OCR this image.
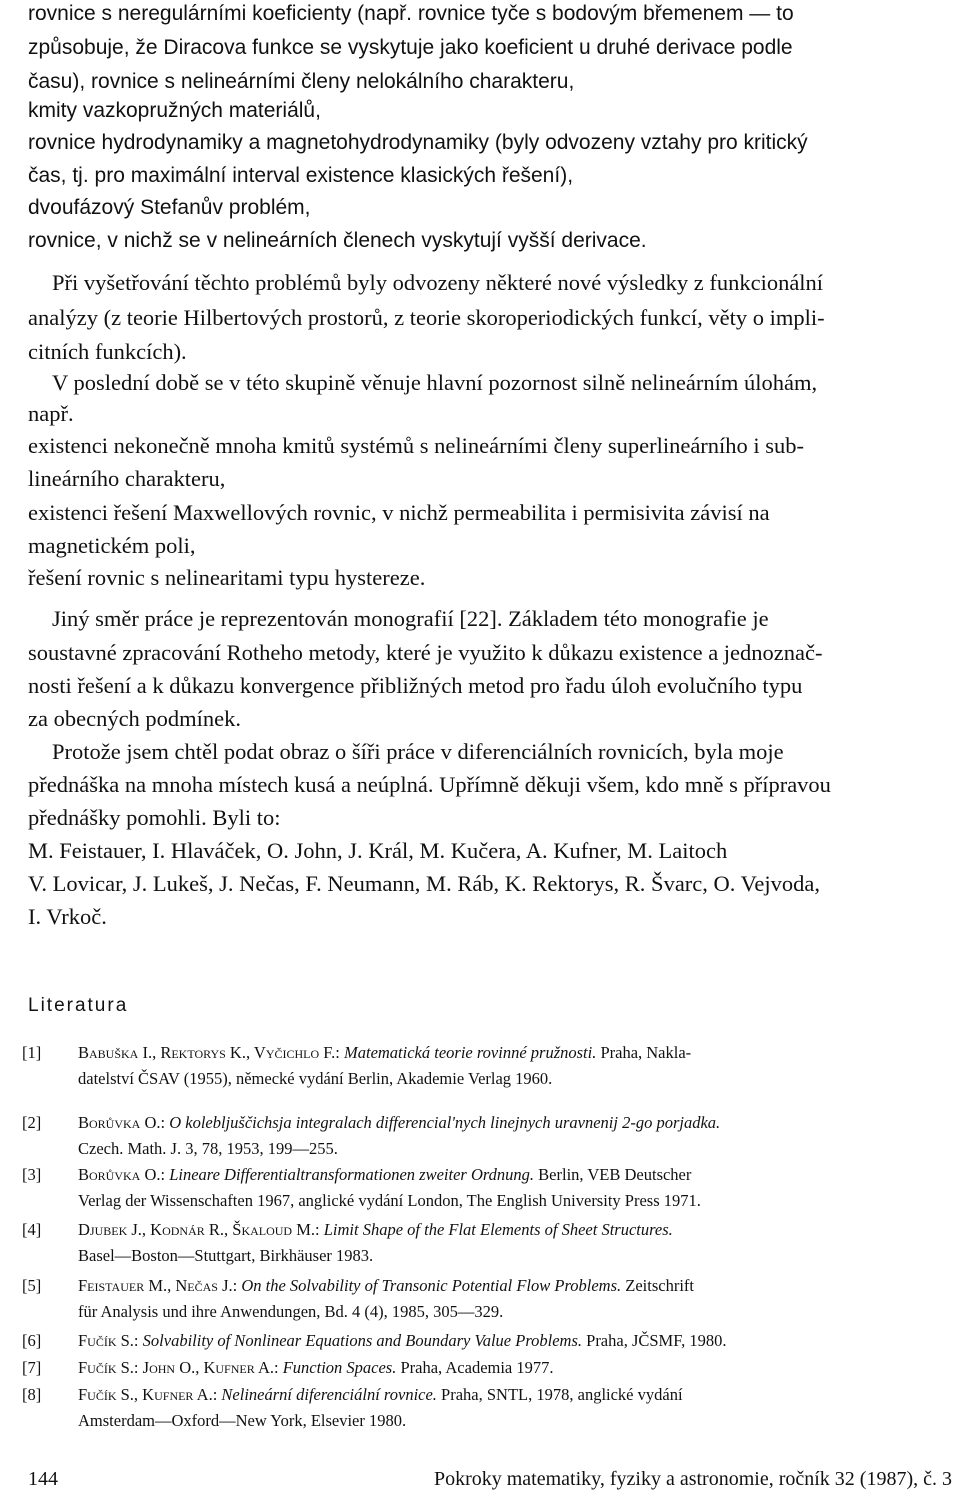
rovnice s neregulárními koeficienty (např. rovnice tyče s bodovým břemenem — to
způsobuje, že Diracova funkce se vyskytuje jako koeficient u druhé derivace podle
času), rovnice s nelineárními členy nelokálního charakteru,
kmity vazkopružných materiálů,
rovnice hydrodynamiky a magnetohydrodynamiky (byly odvozeny vztahy pro kritický
čas, tj. pro maximální interval existence klasických řešení),
dvoufázový Stefanův problém,
rovnice, v nichž se v nelineárních členech vyskytují vyšší derivace.
Při vyšetřování těchto problémů byly odvozeny některé nové výsledky z funkcionální
analýzy (z teorie Hilbertových prostorů, z teorie skoroperiodických funkcí, věty o impli-
citních funkcích).
V poslední době se v této skupině věnuje hlavní pozornost silně nelineárním úlohám,
např.
existenci nekonečně mnoha kmitů systémů s nelineárními členy superlineárního i sub-
lineárního charakteru,
existenci řešení Maxwellových rovnic, v nichž permeabilita i permisivita závisí na
magnetickém poli,
řešení rovnic s nelinearitami typu hystereze.
Jiný směr práce je reprezentován monografií [22]. Základem této monografie je
soustavné zpracování Rotheho metody, které je využito k důkazu existence a jednoznač-
nosti řešení a k důkazu konvergence přibližných metod pro řadu úloh evolučního typu
za obecných podmínek.
Protože jsem chtěl podat obraz o šíři práce v diferenciálních rovnicích, byla moje
přednáška na mnoha místech kusá a neúplná. Upřímně děkuji všem, kdo mně s přípravou
přednášky pomohli. Byli to:
M. Feistauer, I. Hlaváček, O. John, J. Král, M. Kučera, A. Kufner, M. Laitoch
V. Lovicar, J. Lukeš, J. Nečas, F. Neumann, M. Ráb, K. Rektorys, R. Švarc, O. Vejvoda,
I. Vrkoč.
Literatura
[1] Babuška I., Rektorys K., Vyčichlo F.: Matematická teorie rovinné pružnosti. Praha, Nakla-
datelství ČSAV (1955), německé vydání Berlin, Akademie Verlag 1960.
[2] Borůvka O.: O kolebljuščichsja integralach differencial'nych linejnych uravnenij 2-go porjadka.
Czech. Math. J. 3, 78, 1953, 199—255.
[3] Borůvka O.: Lineare Differentialtransformationen zweiter Ordnung. Berlin, VEB Deutscher
Verlag der Wissenschaften 1967, anglické vydání London, The English University Press 1971.
[4] Djubek J., Kodnár R., Škaloud M.: Limit Shape of the Flat Elements of Sheet Structures.
Basel—Boston—Stuttgart, Birkhäuser 1983.
[5] Feistauer M., Nečas J.: On the Solvability of Transonic Potential Flow Problems. Zeitschrift
für Analysis und ihre Anwendungen, Bd. 4 (4), 1985, 305—329.
[6] Fučík S.: Solvability of Nonlinear Equations and Boundary Value Problems. Praha, JČSMF, 1980.
[7] Fučík S.: John O., Kufner A.: Function Spaces. Praha, Academia 1977.
[8] Fučík S., Kufner A.: Nelineární diferenciální rovnice. Praha, SNTL, 1978, anglické vydání
Amsterdam—Oxford—New York, Elsevier 1980.
144	Pokroky matematiky, fyziky a astronomie, ročník 32 (1987), č. 3
